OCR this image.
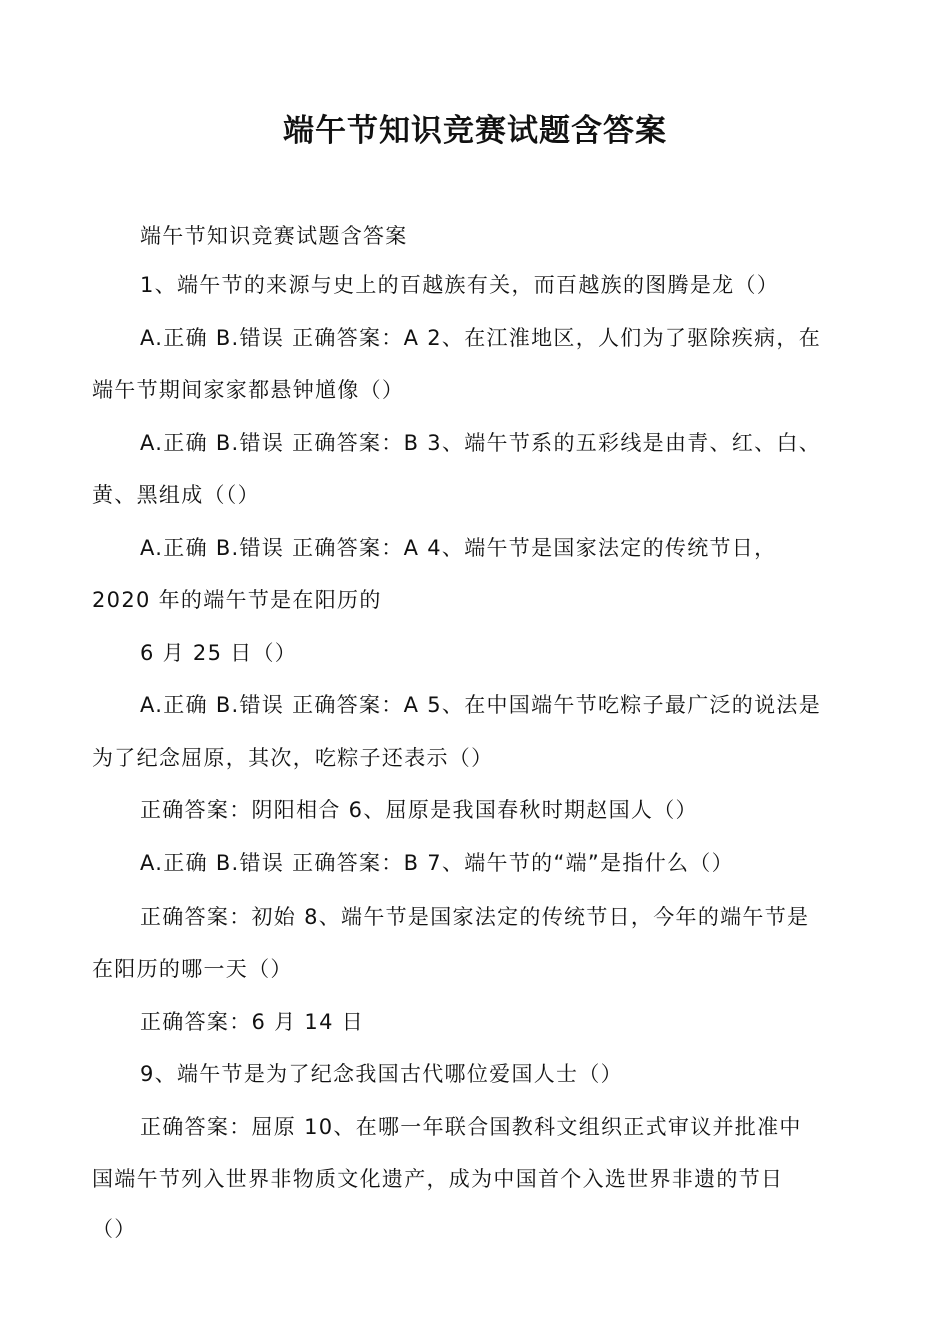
端午节知识竞赛试题含答案
端午节知识竞赛试题含答案
1、端午节的来源与史上的百越族有关，而百越族的图腾是龙（）
A.正确 B.错误 正确答案：A 2、在江淮地区，人们为了驱除疾病，在
端午节期间家家都悬钟馗像（）
A.正确 B.错误 正确答案：B 3、端午节系的五彩线是由青、红、白、
黄、黑组成（（）
A.正确 B.错误 正确答案：A 4、端午节是国家法定的传统节日，
2020 年的端午节是在阳历的
6 月 25 日（）
A.正确 B.错误 正确答案：A 5、在中国端午节吃粽子最广泛的说法是
为了纪念屈原，其次，吃粽子还表示（）
正确答案：阴阳相合 6、屈原是我国春秋时期赵国人（）
A.正确 B.错误 正确答案：B 7、端午节的“端”是指什么（）
正确答案：初始 8、端午节是国家法定的传统节日，今年的端午节是
在阳历的哪一天（）
正确答案：6 月 14 日
9、端午节是为了纪念我国古代哪位爱国人士（）
正确答案：屈原 10、在哪一年联合国教科文组织正式审议并批准中
国端午节列入世界非物质文化遗产，成为中国首个入选世界非遗的节日
（）
